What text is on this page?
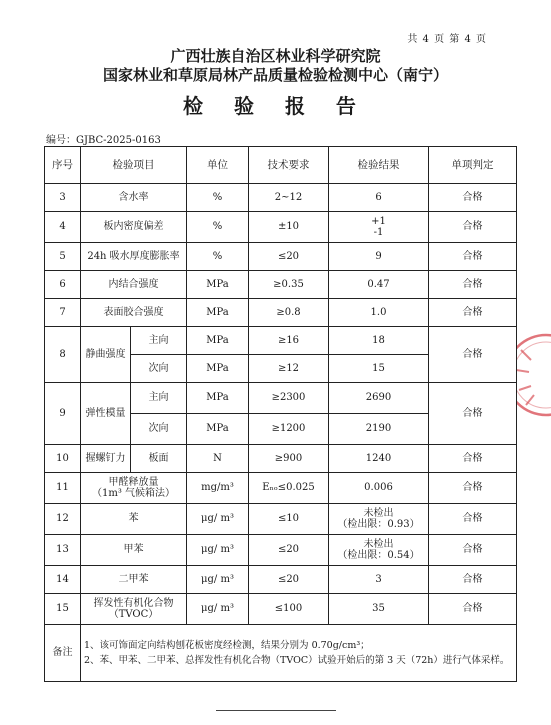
共 4 页 第 4 页
广西壮族自治区林业科学研究院
国家林业和草原局林产品质量检验检测中心（南宁）
检 验 报 告
编号：GJBC-2025-0163
序号	检验项目		单位	技术要求	检验结果	单项判定
3	含水率		%	2~12	6	合格
4	板内密度偏差		%	±10	+1
-1	合格
5	24h 吸水厚度膨胀率		%	≤20	9	合格
6	内结合强度		MPa	≥0.35	0.47	合格
7	表面胶合强度		MPa	≥0.8	1.0	合格
8	静曲强度	主向	MPa	≥16	18	合格
		次向	MPa	≥12	15	
9	弹性模量	主向	MPa	≥2300	2690	合格
		次向	MPa	≥1200	2190	
10	握螺钉力	板面	N	≥900	1240	合格
11	甲醛释放量
（1m³ 气候箱法）		mg/m³	Eₙₒ≤0.025	0.006	合格
12	苯		μg/ m³	≤10	未检出
（检出限：0.93）	合格
13	甲苯		μg/ m³	≤20	未检出
（检出限：0.54）	合格
14	二甲苯		μg/ m³	≤20	3	合格
15	挥发性有机化合物
（TVOC）		μg/ m³	≤100	35	合格
备注	1、该可饰面定向结构刨花板密度经检测，结果分别为 0.70g/cm³；
2、苯、甲苯、二甲苯、总挥发性有机化合物（TVOC）试验开始后的第 3 天（72h）进行气体采样。					
